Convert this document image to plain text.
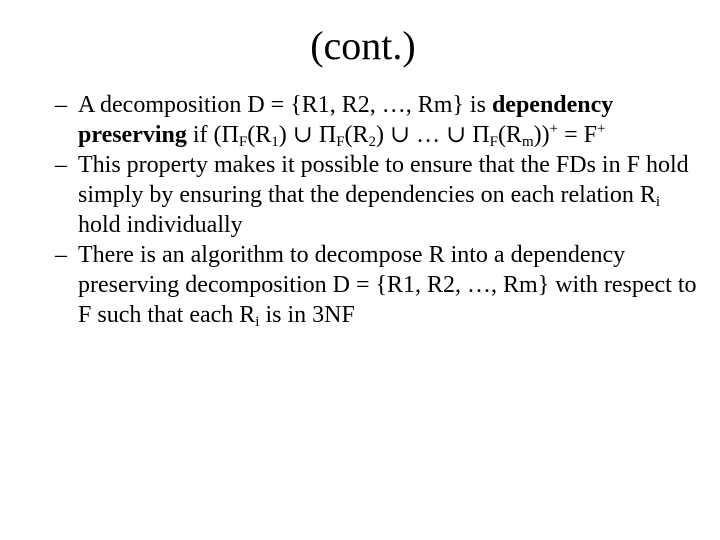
(cont.)
– A decomposition D = {R1, R2, …, Rm} is dependency preserving if ($\Pi_F(R_1)$ ∪ $\Pi_F(R_2)$ ∪ … ∪ $\Pi_F(R_m))^+ = F^+$
– This property makes it possible to ensure that the FDs in F hold simply by ensuring that the dependencies on each relation $R_i$ hold individually
– There is an algorithm to decompose R into a dependency preserving decomposition D = {R1, R2, …, Rm} with respect to F such that each $R_i$ is in 3NF
